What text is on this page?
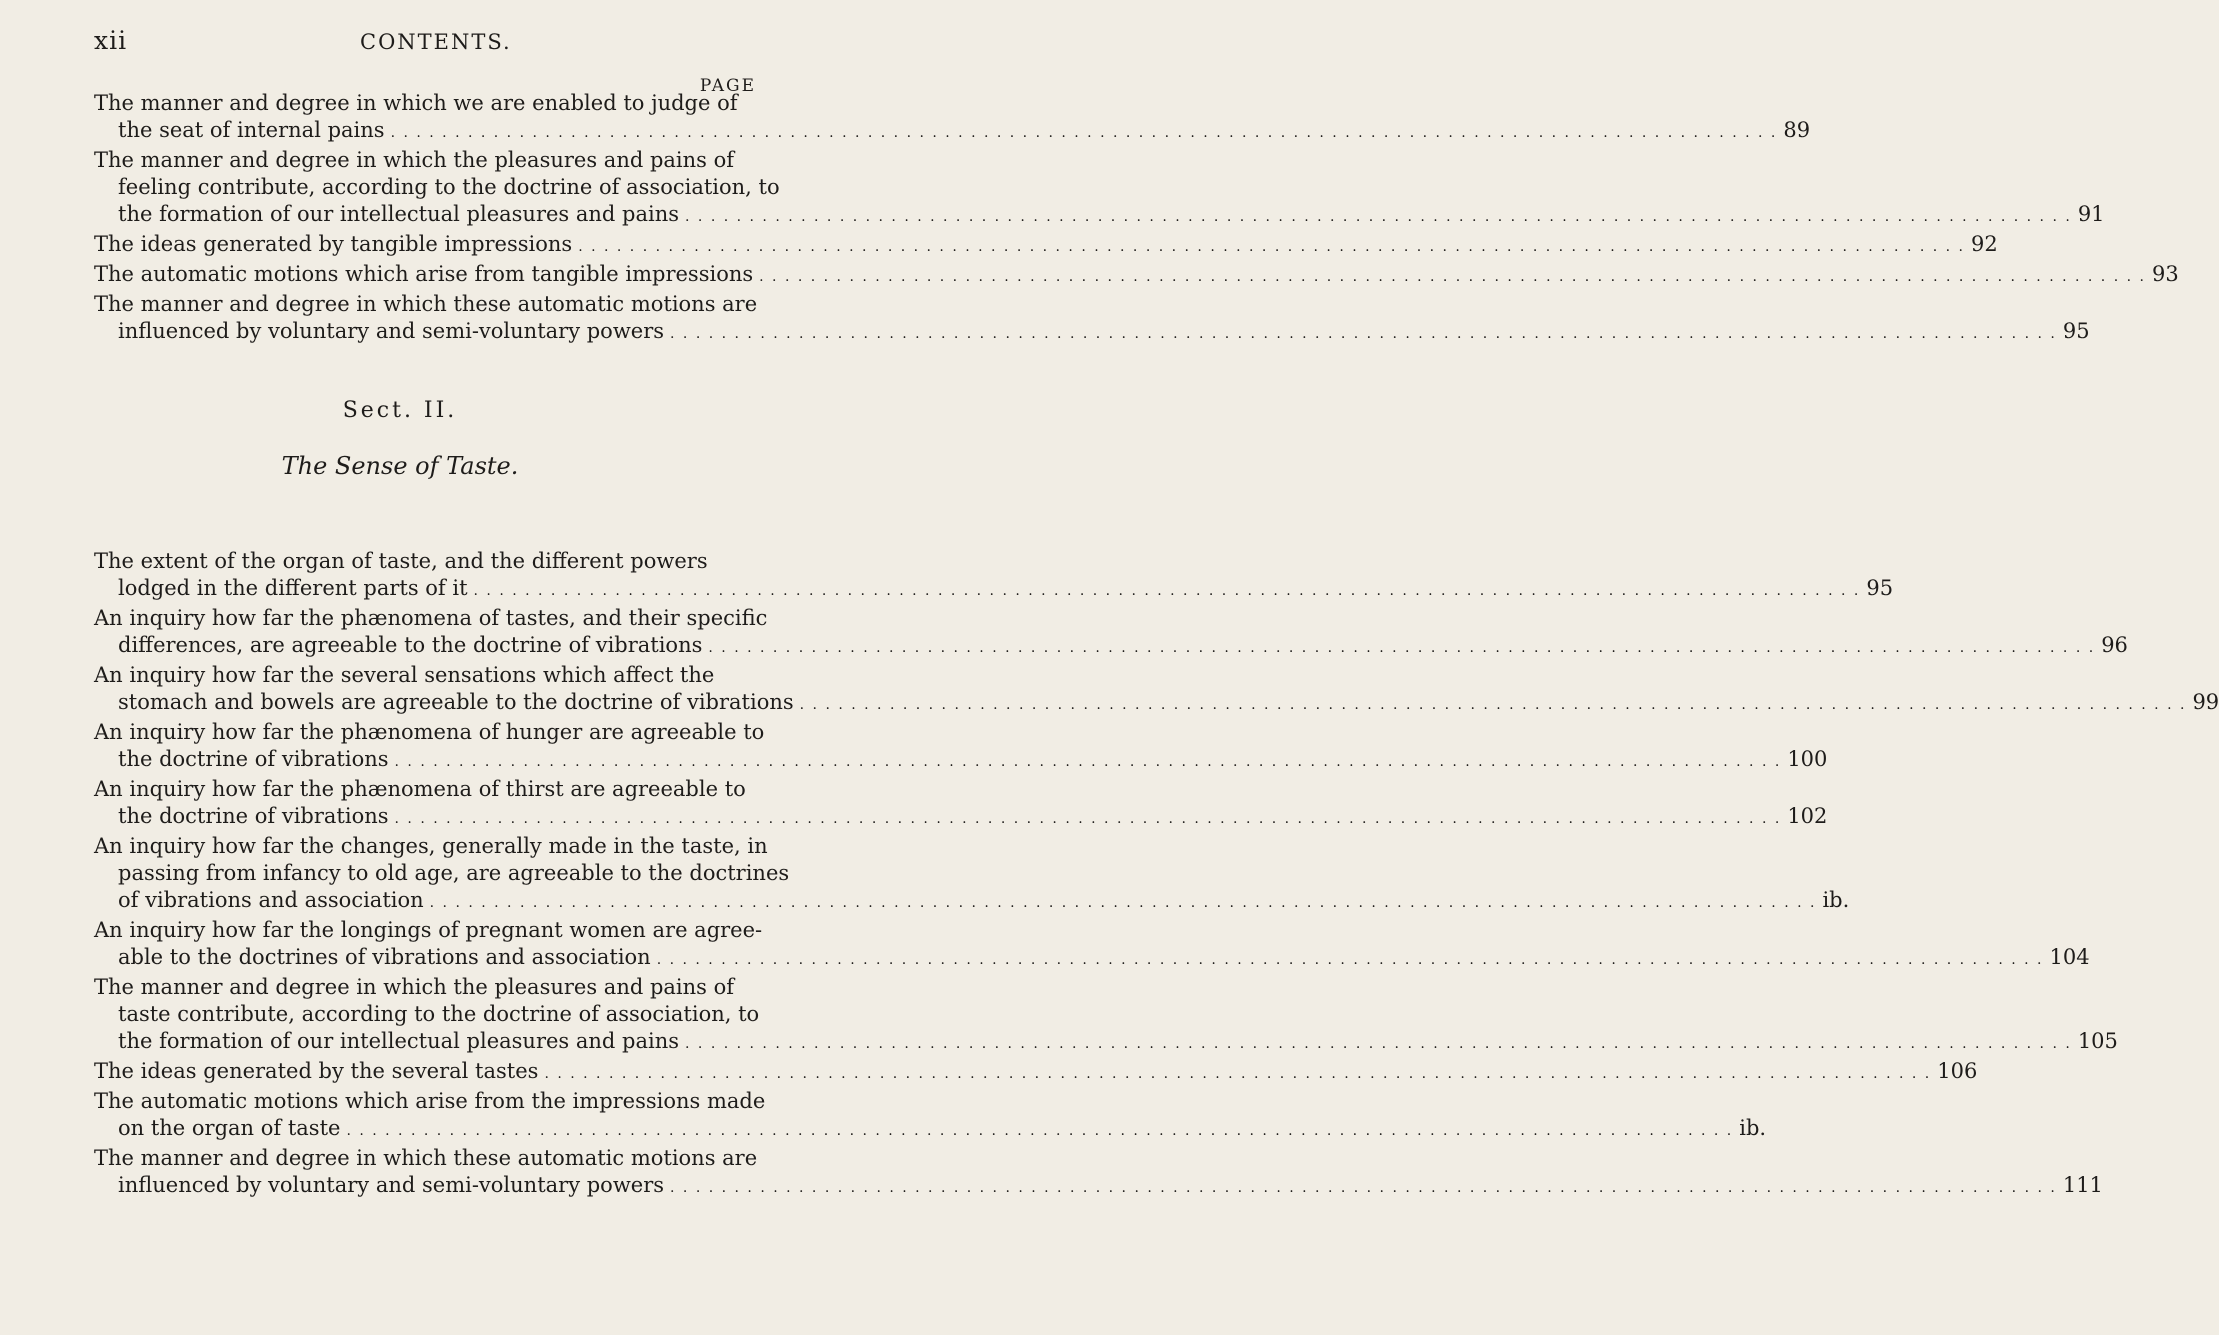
xii	CONTENTS.
PAGE
The manner and degree in which we are enabled to judge of
the seat of internal pains . . .	89
The manner and degree in which the pleasures and pains of
feeling contribute, according to the doctrine of association, to
the formation of our intellectual pleasures and pains . . .	91
The ideas generated by tangible impressions . . .	92
The automatic motions which arise from tangible impressions . . .	93
The manner and degree in which these automatic motions are
influenced by voluntary and semi-voluntary powers . . .	95
Sect. II.
The Sense of Taste.
The extent of the organ of taste, and the different powers
lodged in the different parts of it . . .	95
An inquiry how far the phænomena of tastes, and their specific
differences, are agreeable to the doctrine of vibrations . . .	96
An inquiry how far the several sensations which affect the
stomach and bowels are agreeable to the doctrine of vibrations . . .	99
An inquiry how far the phænomena of hunger are agreeable to
the doctrine of vibrations . . .	100
An inquiry how far the phænomena of thirst are agreeable to
the doctrine of vibrations . . .	102
An inquiry how far the changes, generally made in the taste, in
passing from infancy to old age, are agreeable to the doctrines
of vibrations and association . . .	ib.
An inquiry how far the longings of pregnant women are agree-
able to the doctrines of vibrations and association . . .	104
The manner and degree in which the pleasures and pains of
taste contribute, according to the doctrine of association, to
the formation of our intellectual pleasures and pains . . .	105
The ideas generated by the several tastes . . .	106
The automatic motions which arise from the impressions made
on the organ of taste . . .	ib.
The manner and degree in which these automatic motions are
influenced by voluntary and semi-voluntary powers . . .	111
